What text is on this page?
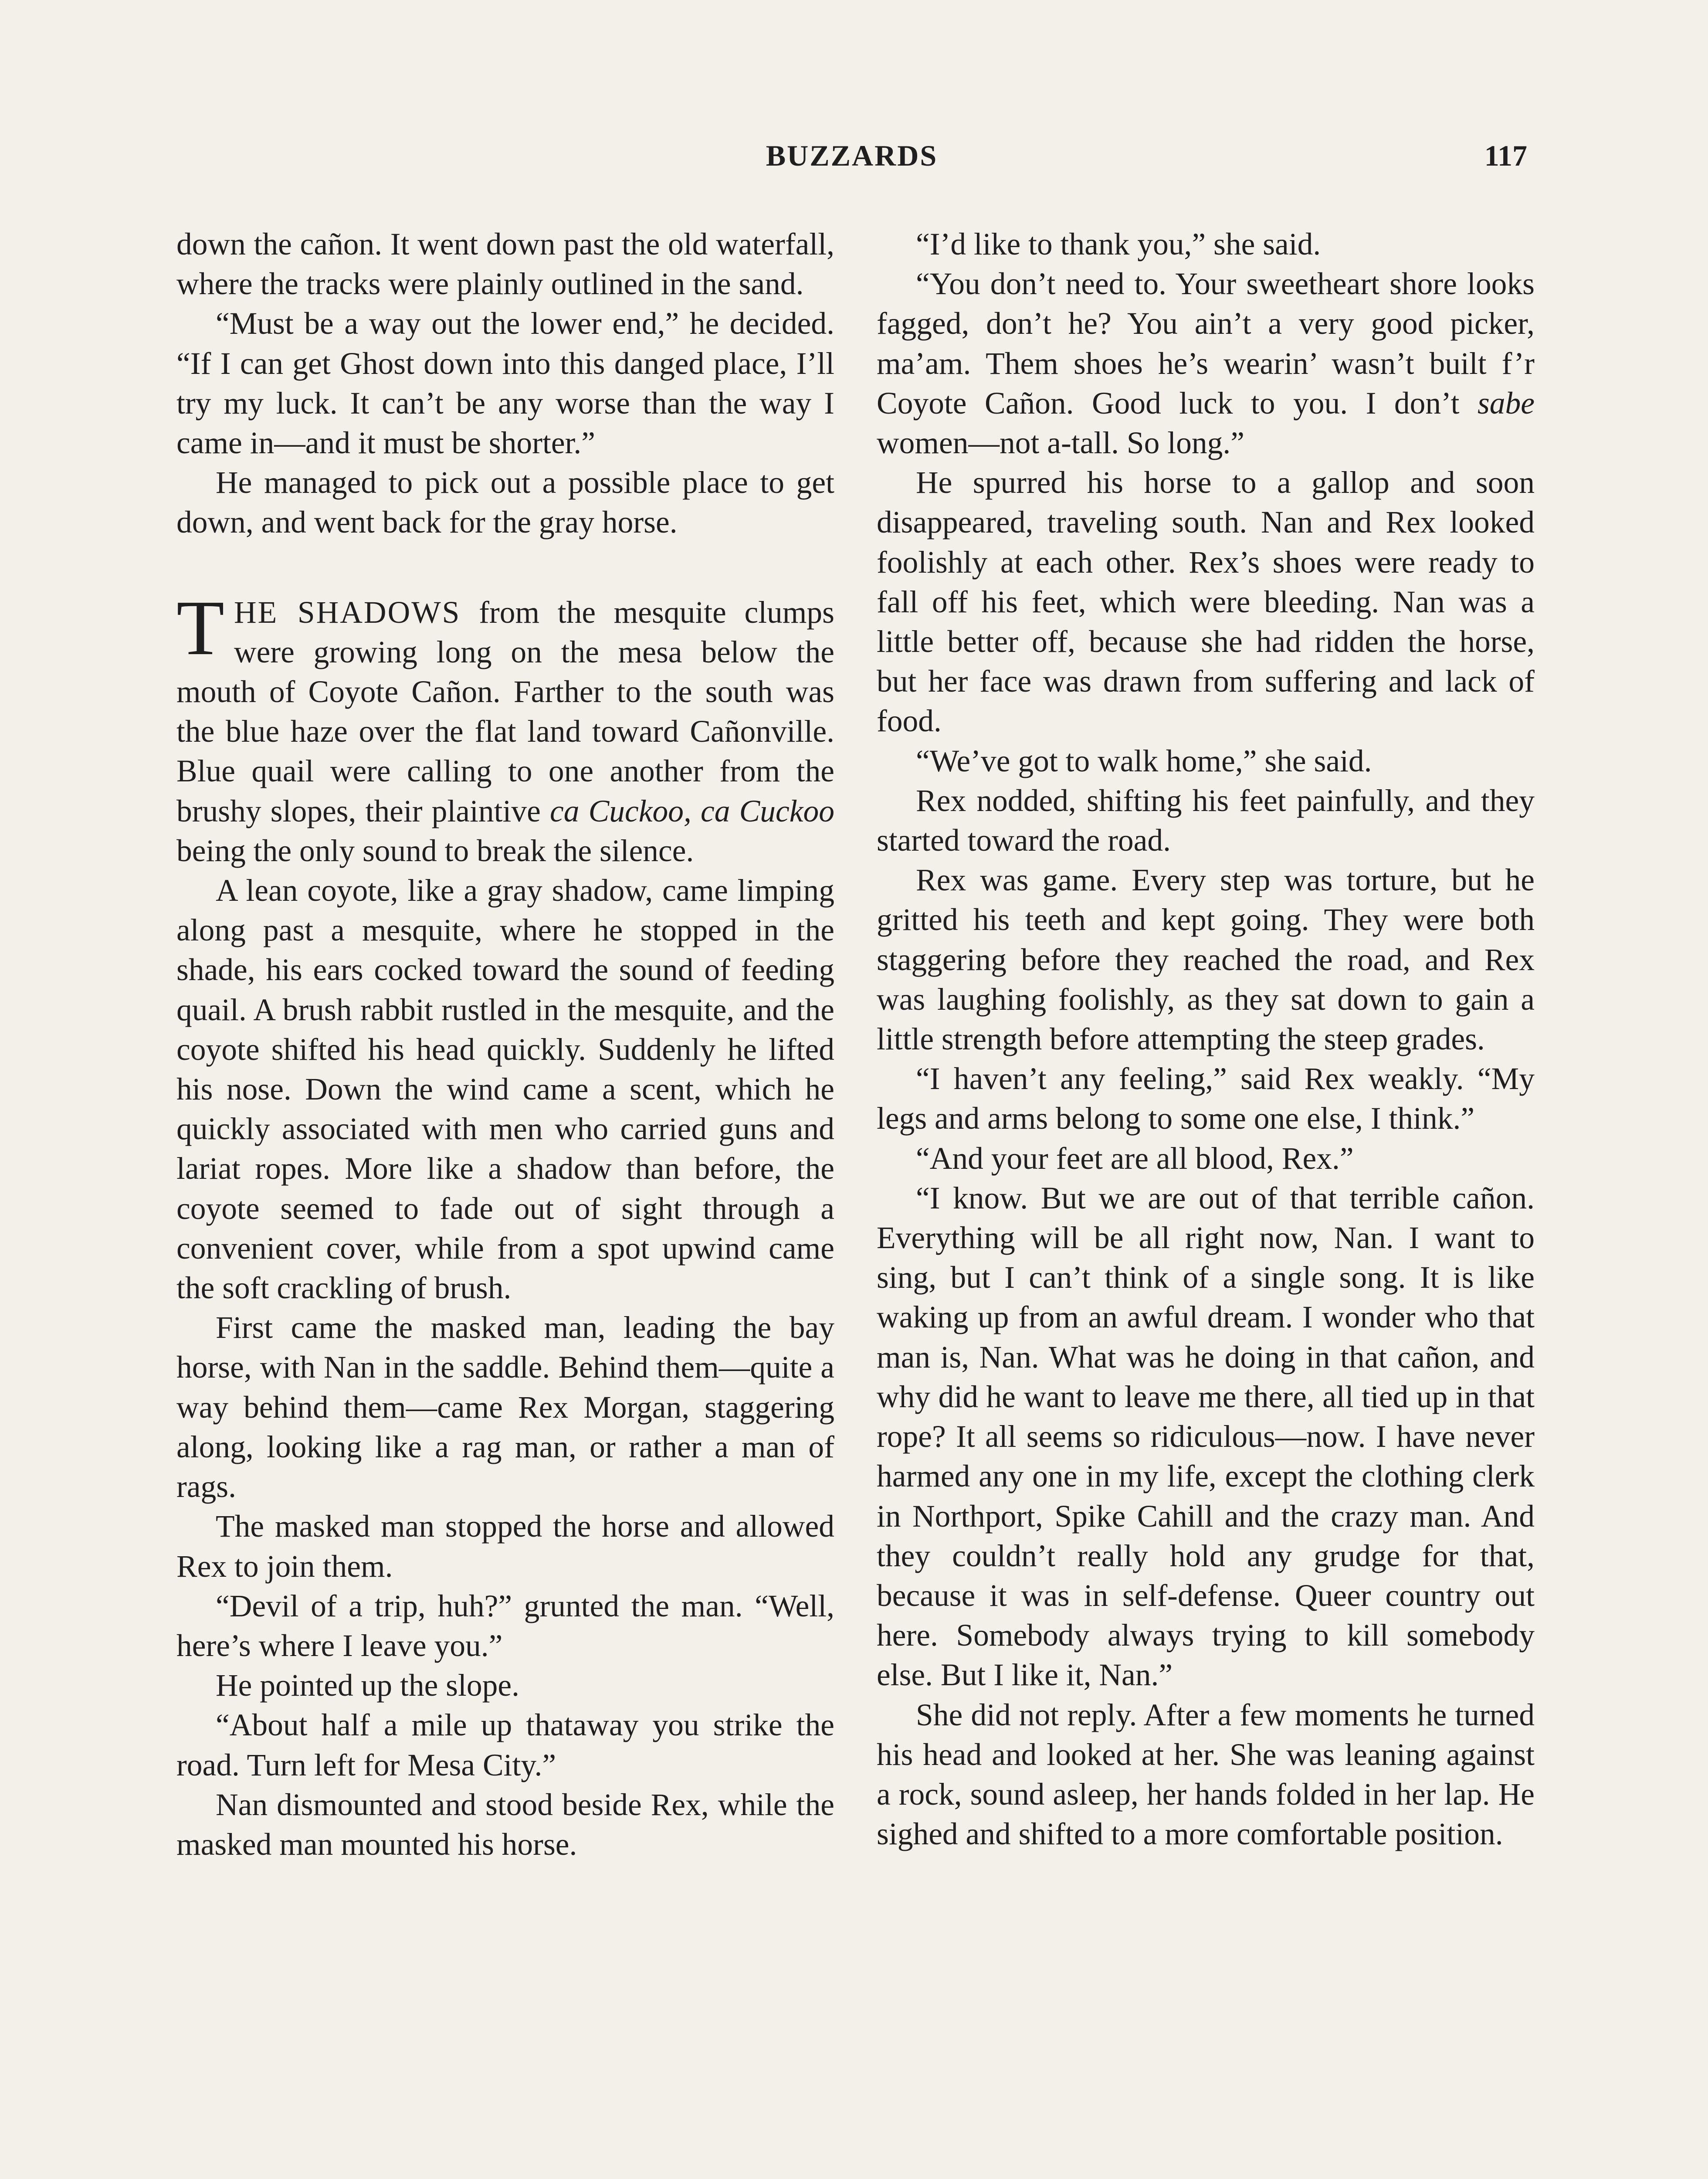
BUZZARDS	117

down the cañon. It went down past the old waterfall, where the tracks were plainly outlined in the sand.

“Must be a way out the lower end,” he decided. “If I can get Ghost down into this danged place, I’ll try my luck. It can’t be any worse than the way I came in—and it must be shorter.”

He managed to pick out a possible place to get down, and went back for the gray horse.

THE SHADOWS from the mesquite clumps were growing long on the mesa below the mouth of Coyote Cañon. Farther to the south was the blue haze over the flat land toward Cañonville. Blue quail were calling to one another from the brushy slopes, their plaintive ca Cuckoo, ca Cuckoo being the only sound to break the silence.

A lean coyote, like a gray shadow, came limping along past a mesquite, where he stopped in the shade, his ears cocked toward the sound of feeding quail. A brush rabbit rustled in the mesquite, and the coyote shifted his head quickly. Suddenly he lifted his nose. Down the wind came a scent, which he quickly associated with men who carried guns and lariat ropes. More like a shadow than before, the coyote seemed to fade out of sight through a convenient cover, while from a spot upwind came the soft crackling of brush.

First came the masked man, leading the bay horse, with Nan in the saddle. Behind them—quite a way behind them—came Rex Morgan, staggering along, looking like a rag man, or rather a man of rags.

The masked man stopped the horse and allowed Rex to join them.

“Devil of a trip, huh?” grunted the man. “Well, here’s where I leave you.”

He pointed up the slope.

“About half a mile up thataway you strike the road. Turn left for Mesa City.”

Nan dismounted and stood beside Rex, while the masked man mounted his horse.

“I’d like to thank you,” she said.

“You don’t need to. Your sweetheart shore looks fagged, don’t he? You ain’t a very good picker, ma’am. Them shoes he’s wearin’ wasn’t built f’r Coyote Cañon. Good luck to you. I don’t sabe women—not a-tall. So long.”

He spurred his horse to a gallop and soon disappeared, traveling south. Nan and Rex looked foolishly at each other. Rex’s shoes were ready to fall off his feet, which were bleeding. Nan was a little better off, because she had ridden the horse, but her face was drawn from suffering and lack of food.

“We’ve got to walk home,” she said.

Rex nodded, shifting his feet painfully, and they started toward the road.

Rex was game. Every step was torture, but he gritted his teeth and kept going. They were both staggering before they reached the road, and Rex was laughing foolishly, as they sat down to gain a little strength before attempting the steep grades.

“I haven’t any feeling,” said Rex weakly. “My legs and arms belong to some one else, I think.”

“And your feet are all blood, Rex.”

“I know. But we are out of that terrible cañon. Everything will be all right now, Nan. I want to sing, but I can’t think of a single song. It is like waking up from an awful dream. I wonder who that man is, Nan. What was he doing in that cañon, and why did he want to leave me there, all tied up in that rope? It all seems so ridiculous—now. I have never harmed any one in my life, except the clothing clerk in Northport, Spike Cahill and the crazy man. And they couldn’t really hold any grudge for that, because it was in self-defense. Queer country out here. Somebody always trying to kill somebody else. But I like it, Nan.”

She did not reply. After a few moments he turned his head and looked at her. She was leaning against a rock, sound asleep, her hands folded in her lap. He sighed and shifted to a more comfortable position.
